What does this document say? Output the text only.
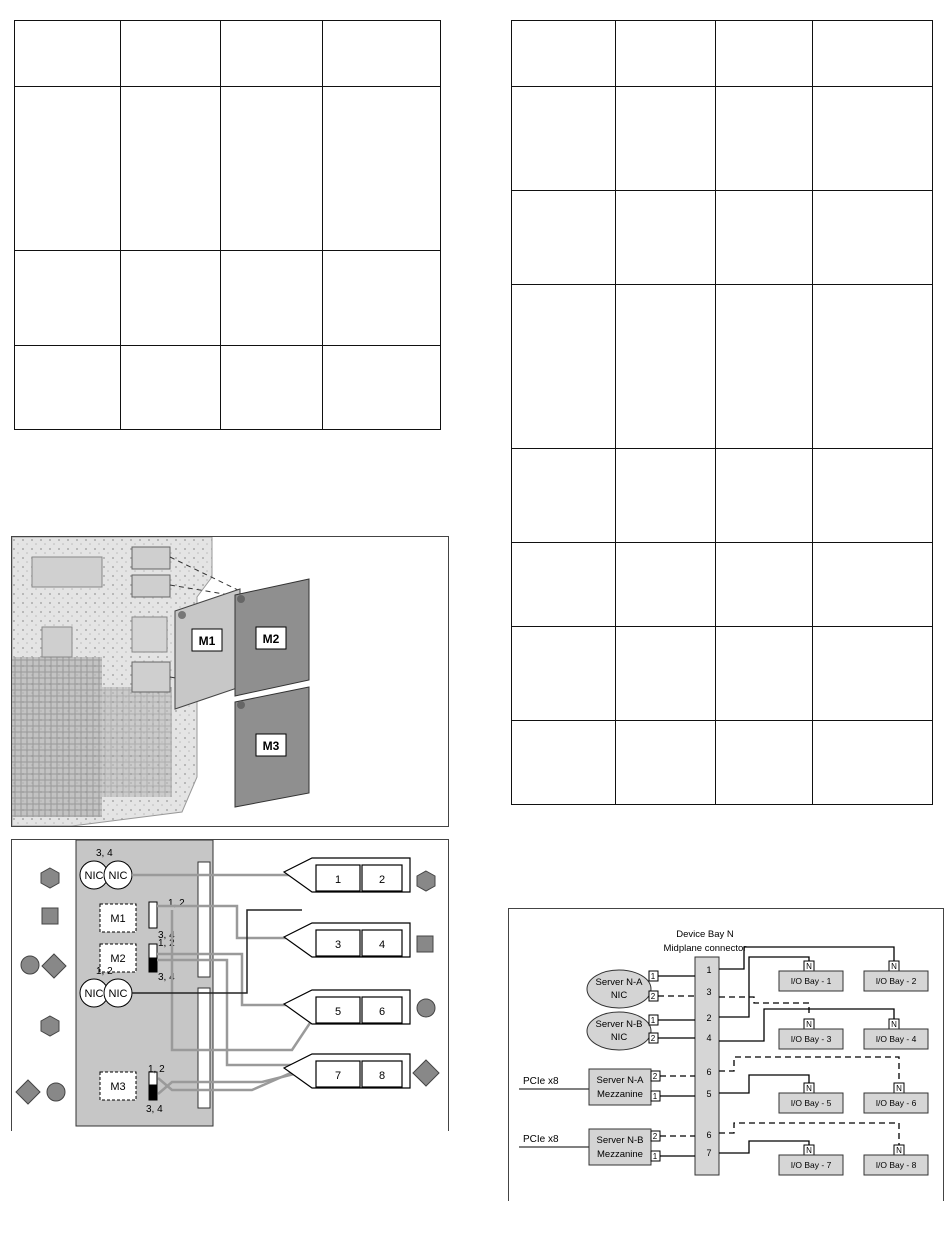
M1	M2
M3
3, 4
NIC NIC
M1
1, 2
3, 4
M2
1, 2
3, 4
1, 2
NIC NIC
M3
1, 2
3, 4
1	2
3	4
5	6
7	8
Device Bay N
Midplane connector
1
3
2
4
6
5
6
7
Server N-A
NIC
1
2
Server N-B
NIC
1
2
PCIe x8	Server N-A
Mezzanine
2
1
PCIe x8	Server N-B
Mezzanine
2
1
N	N
N	N
N	N
N	N
I/O Bay - 1	I/O Bay - 2
I/O Bay - 3	I/O Bay - 4
I/O Bay - 5	I/O Bay - 6
I/O Bay - 7	I/O Bay - 8
